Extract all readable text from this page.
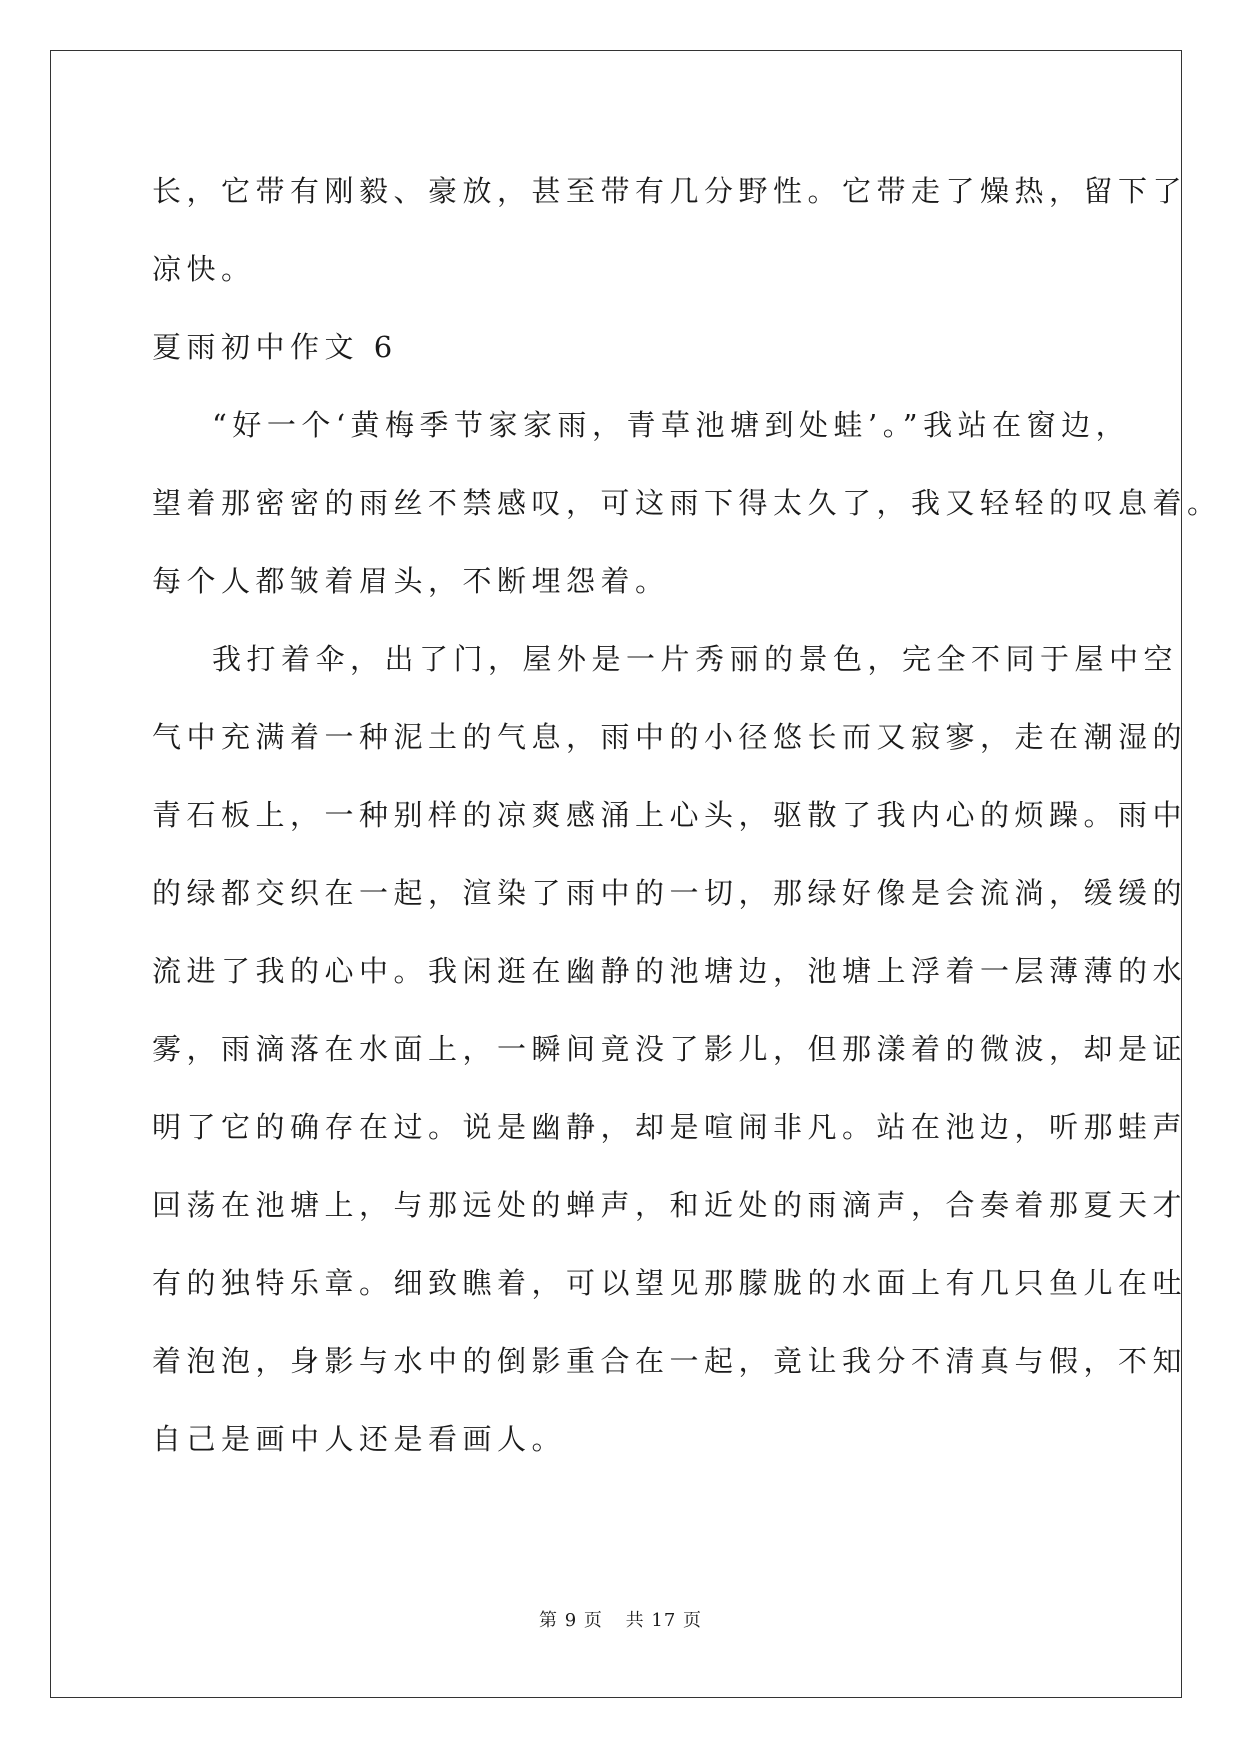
长，它带有刚毅、豪放，甚至带有几分野性。它带走了燥热，留下了
凉快。
夏雨初中作文 6
“好一个‘黄梅季节家家雨，青草池塘到处蛙’。”我站在窗边，
望着那密密的雨丝不禁感叹，可这雨下得太久了，我又轻轻的叹息着。
每个人都皱着眉头，不断埋怨着。
我打着伞，出了门，屋外是一片秀丽的景色，完全不同于屋中空
气中充满着一种泥土的气息，雨中的小径悠长而又寂寥，走在潮湿的
青石板上，一种别样的凉爽感涌上心头，驱散了我内心的烦躁。雨中
的绿都交织在一起，渲染了雨中的一切，那绿好像是会流淌，缓缓的
流进了我的心中。我闲逛在幽静的池塘边，池塘上浮着一层薄薄的水
雾，雨滴落在水面上，一瞬间竟没了影儿，但那漾着的微波，却是证
明了它的确存在过。说是幽静，却是喧闹非凡。站在池边，听那蛙声
回荡在池塘上，与那远处的蝉声，和近处的雨滴声，合奏着那夏天才
有的独特乐章。细致瞧着，可以望见那朦胧的水面上有几只鱼儿在吐
着泡泡，身影与水中的倒影重合在一起，竟让我分不清真与假，不知
自己是画中人还是看画人。
第 9 页 共 17 页
